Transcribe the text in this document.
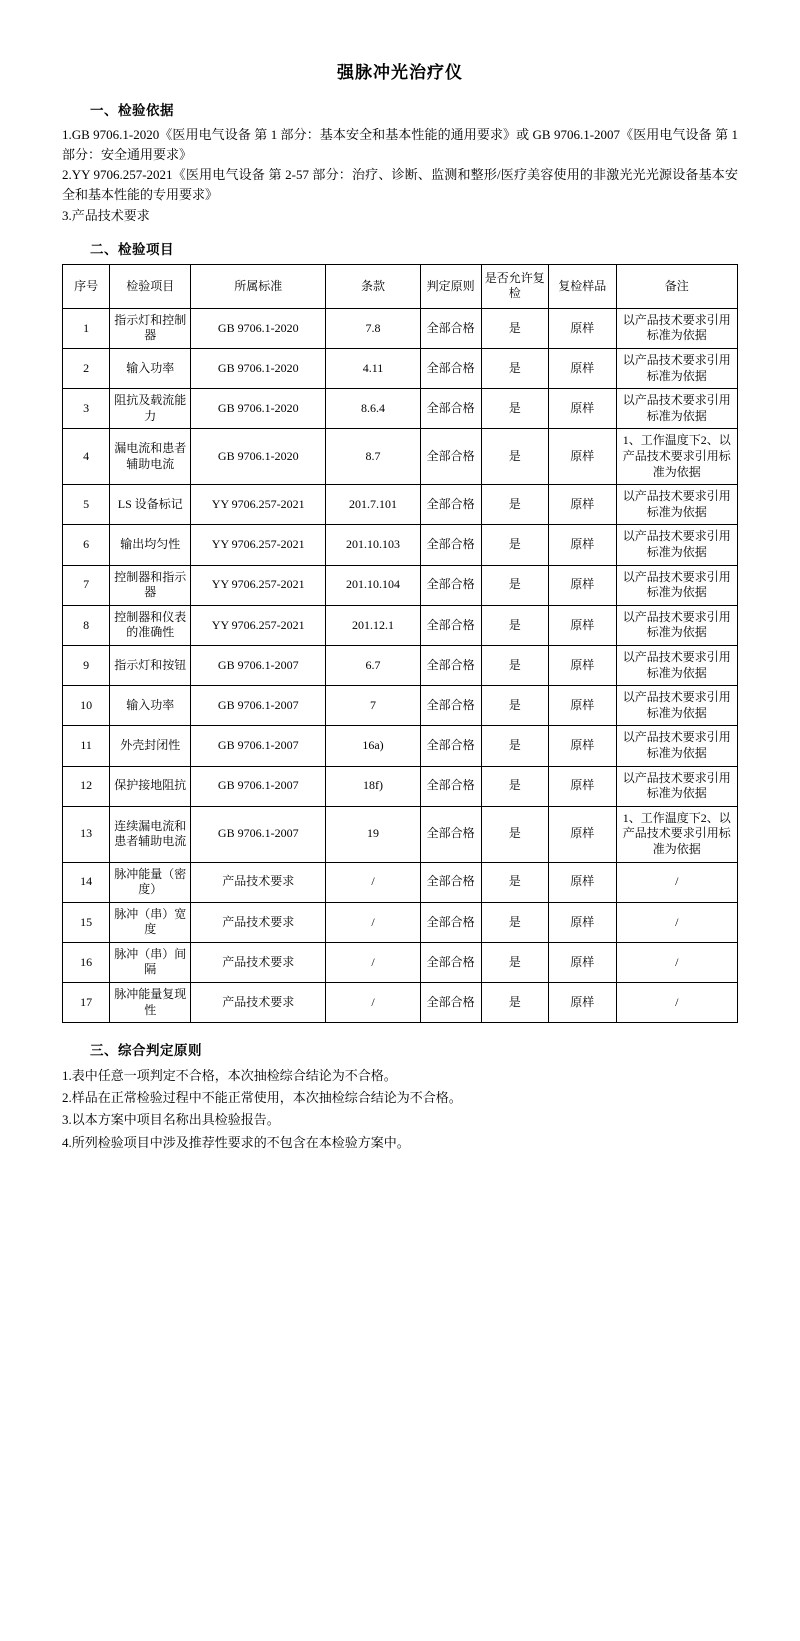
强脉冲光治疗仪
一、检验依据

1.GB 9706.1-2020《医用电气设备 第 1 部分：基本安全和基本性能的通用要求》或 GB 9706.1-2007《医用电气设备 第 1 部分：安全通用要求》

2.YY 9706.257-2021《医用电气设备 第 2-57 部分：治疗、诊断、监测和整形/医疗美容使用的非激光光光源设备基本安全和基本性能的专用要求》

3.产品技术要求

二、检验项目
序号	检验项目	所属标准	条款	判定原则	是否允许复检	复检样品	备注
1	指示灯和控制器	GB 9706.1-2020	7.8	全部合格	是	原样	以产品技术要求引用标准为依据
2	输入功率	GB 9706.1-2020	4.11	全部合格	是	原样	以产品技术要求引用标准为依据
3	阻抗及载流能力	GB 9706.1-2020	8.6.4	全部合格	是	原样	以产品技术要求引用标准为依据
4	漏电流和患者辅助电流	GB 9706.1-2020	8.7	全部合格	是	原样	1、工作温度下2、以产品技术要求引用标准为依据
5	LS 设备标记	YY 9706.257-2021	201.7.101	全部合格	是	原样	以产品技术要求引用标准为依据
6	输出均匀性	YY 9706.257-2021	201.10.103	全部合格	是	原样	以产品技术要求引用标准为依据
7	控制器和指示器	YY 9706.257-2021	201.10.104	全部合格	是	原样	以产品技术要求引用标准为依据
8	控制器和仪表的准确性	YY 9706.257-2021	201.12.1	全部合格	是	原样	以产品技术要求引用标准为依据
9	指示灯和按钮	GB 9706.1-2007	6.7	全部合格	是	原样	以产品技术要求引用标准为依据
10	输入功率	GB 9706.1-2007	7	全部合格	是	原样	以产品技术要求引用标准为依据
11	外壳封闭性	GB 9706.1-2007	16a)	全部合格	是	原样	以产品技术要求引用标准为依据
12	保护接地阻抗	GB 9706.1-2007	18f)	全部合格	是	原样	以产品技术要求引用标准为依据
13	连续漏电流和患者辅助电流	GB 9706.1-2007	19	全部合格	是	原样	1、工作温度下2、以产品技术要求引用标准为依据
14	脉冲能量（密度）	产品技术要求	/	全部合格	是	原样	/
15	脉冲（串）宽度	产品技术要求	/	全部合格	是	原样	/
16	脉冲（串）间隔	产品技术要求	/	全部合格	是	原样	/
17	脉冲能量复现性	产品技术要求	/	全部合格	是	原样	/
三、综合判定原则
1.表中任意一项判定不合格，本次抽检综合结论为不合格。
2.样品在正常检验过程中不能正常使用，本次抽检综合结论为不合格。
3.以本方案中项目名称出具检验报告。
4.所列检验项目中涉及推荐性要求的不包含在本检验方案中。
